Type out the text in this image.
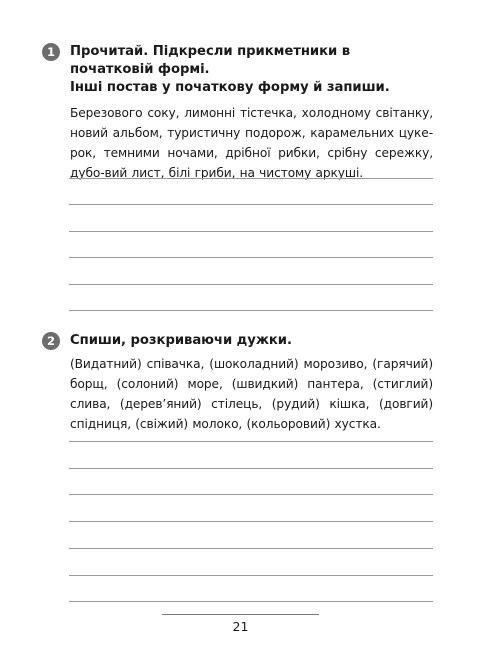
1	Прочитай. Підкресли прикметники в початковій формі.
Інші постав у початкову форму й запиши.
Березового соку, лимонні тістечка, холодному світанку, новий альбом, туристичну подорож, карамельних цуке-рок, темними ночами, дрібної рибки, срібну сережку, дубо-вий лист, білі гриби, на чистому аркуші.
2	Спиши, розкриваючи дужки.
(Видатний) співачка, (шоколадний) морозиво, (гарячий) борщ, (солоний) море, (швидкий) пантера, (стиглий) слива, (дерев’яний) стілець, (рудий) кішка, (довгий) спідниця, (свіжий) молоко, (кольоровий) хустка.
21
